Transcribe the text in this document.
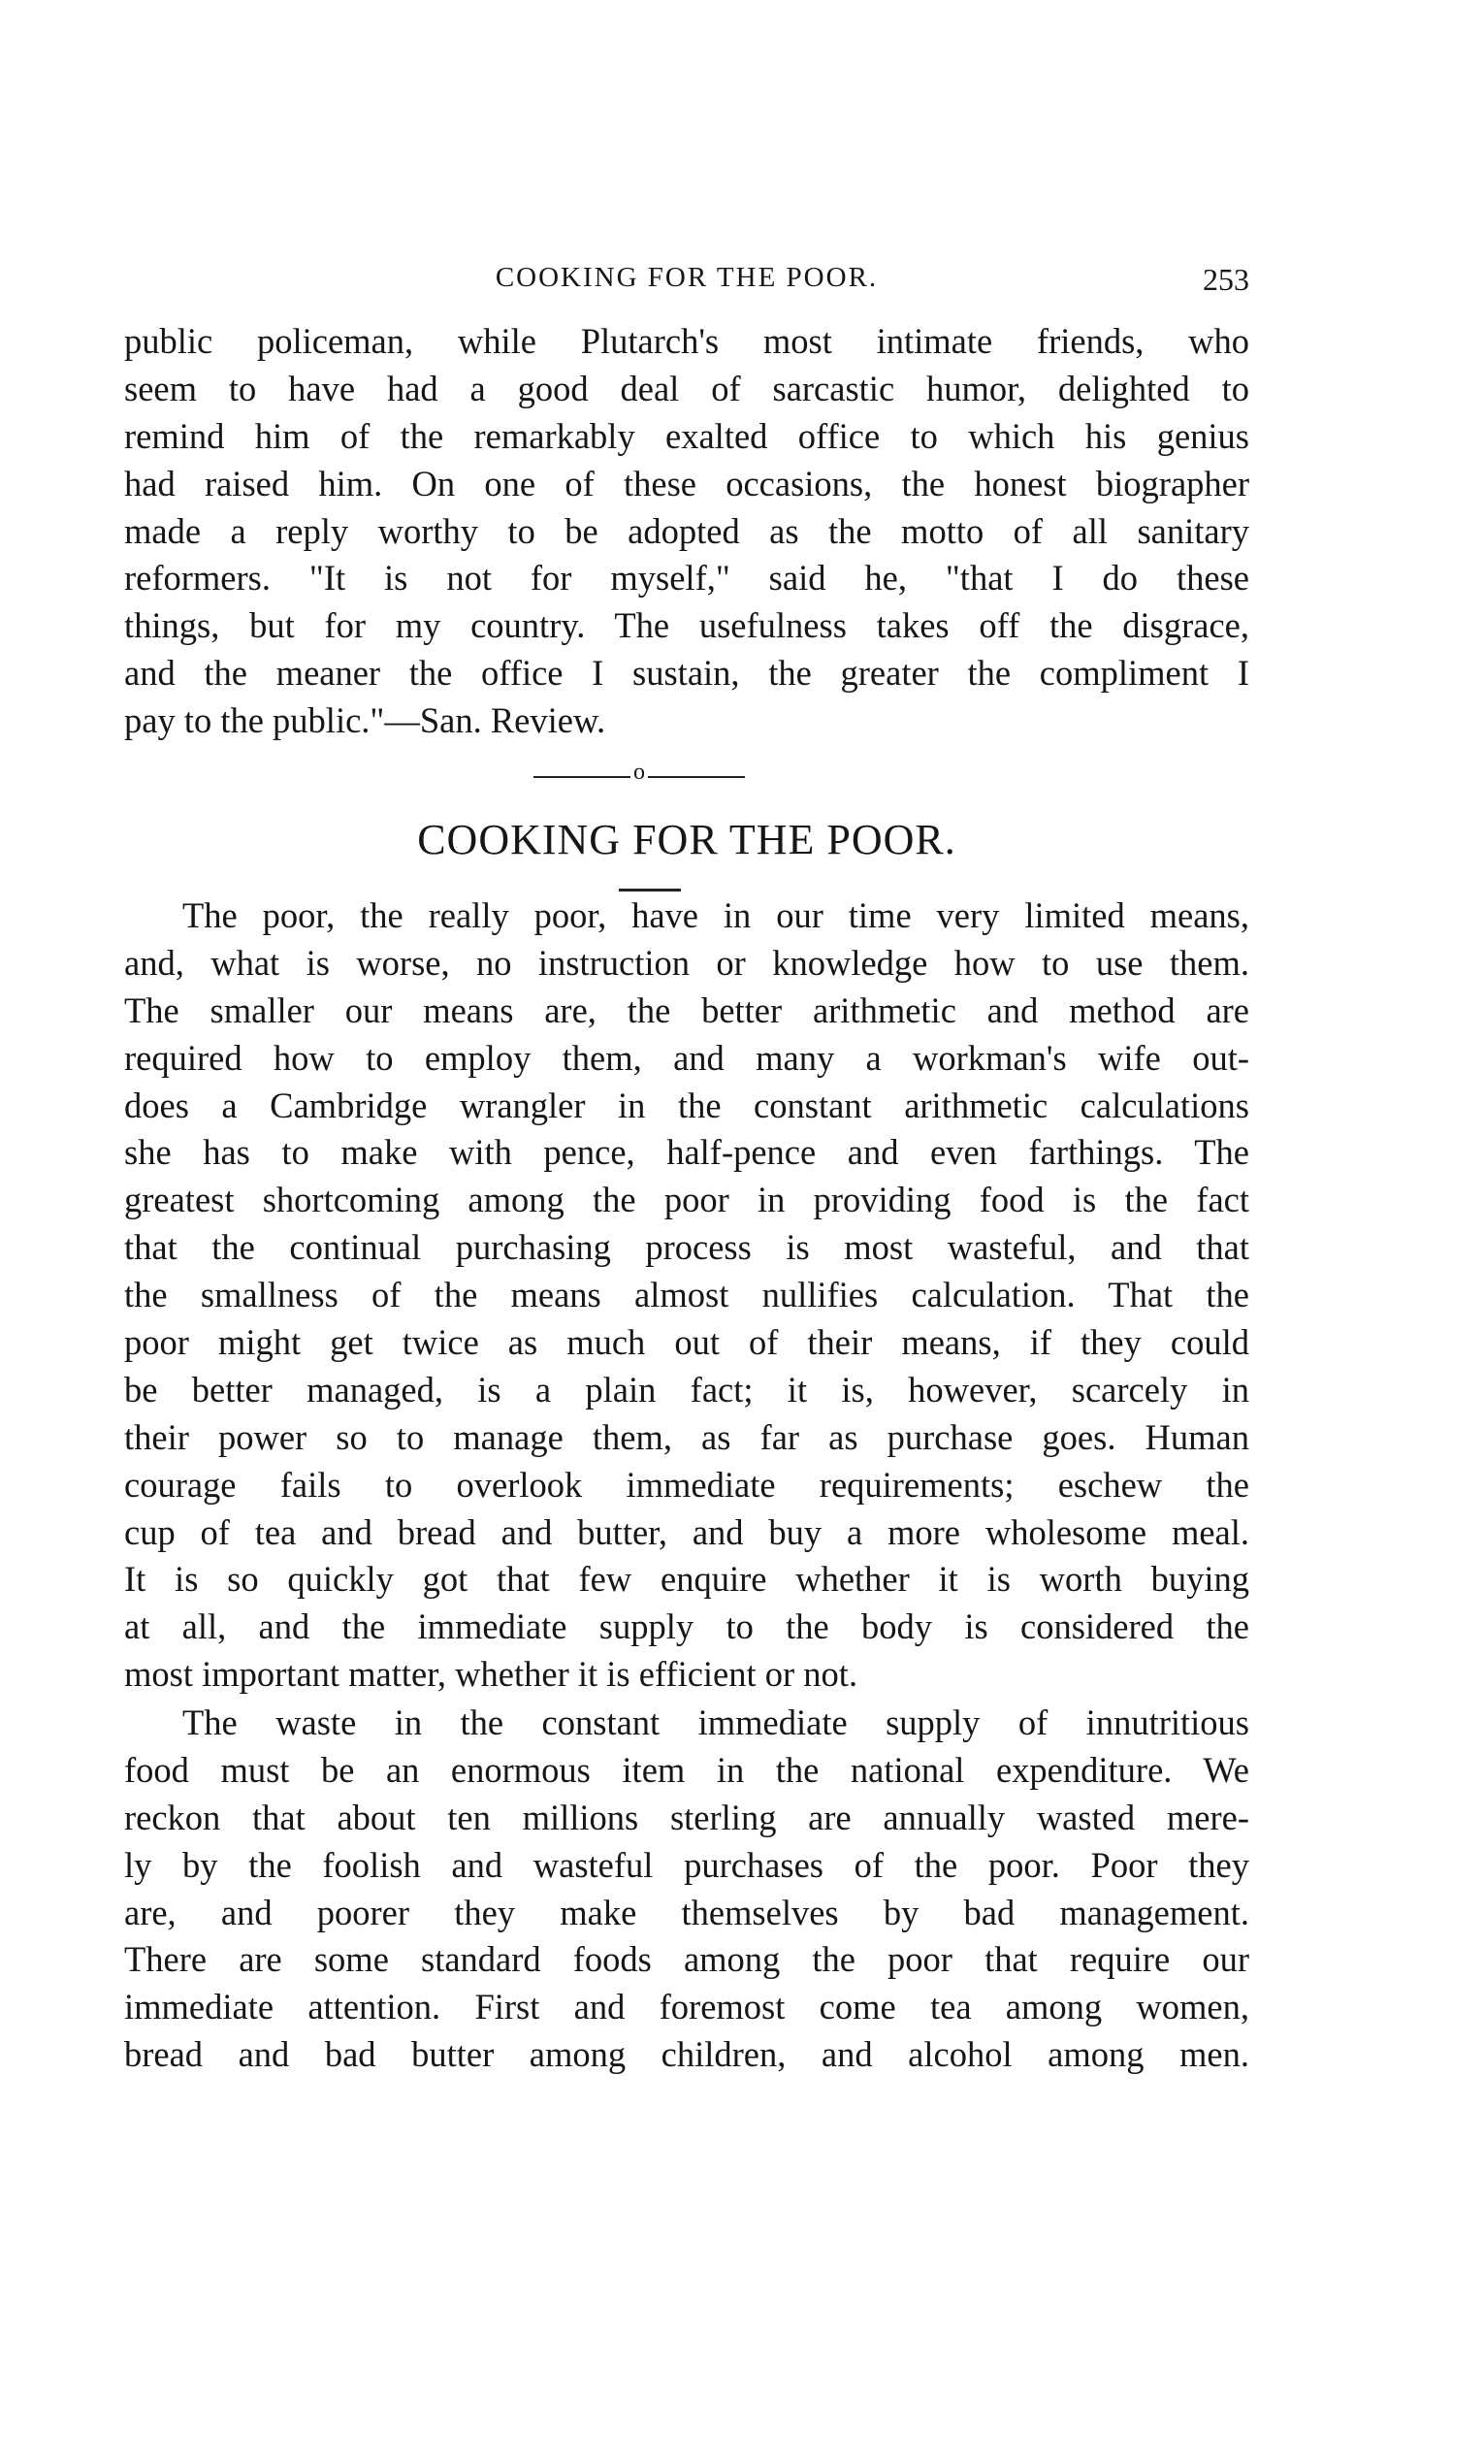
COOKING FOR THE POOR.	253
public policeman, while Plutarch's most intimate friends, who
seem to have had a good deal of sarcastic humor, delighted to
remind him of the remarkably exalted office to which his genius
had raised him. On one of these occasions, the honest biographer
made a reply worthy to be adopted as the motto of all sanitary
reformers. "It is not for myself," said he, "that I do these
things, but for my country. The usefulness takes off the disgrace,
and the meaner the office I sustain, the greater the compliment I
pay to the public."—San. Review.
o
COOKING FOR THE POOR.
The poor, the really poor, have in our time very limited means,
and, what is worse, no instruction or knowledge how to use them.
The smaller our means are, the better arithmetic and method are
required how to employ them, and many a workman's wife out-
does a Cambridge wrangler in the constant arithmetic calculations
she has to make with pence, half-pence and even farthings. The
greatest shortcoming among the poor in providing food is the fact
that the continual purchasing process is most wasteful, and that
the smallness of the means almost nullifies calculation. That the
poor might get twice as much out of their means, if they could
be better managed, is a plain fact; it is, however, scarcely in
their power so to manage them, as far as purchase goes. Human
courage fails to overlook immediate requirements; eschew the
cup of tea and bread and butter, and buy a more wholesome meal.
It is so quickly got that few enquire whether it is worth buying
at all, and the immediate supply to the body is considered the
most important matter, whether it is efficient or not.
The waste in the constant immediate supply of innutritious
food must be an enormous item in the national expenditure. We
reckon that about ten millions sterling are annually wasted mere-
ly by the foolish and wasteful purchases of the poor. Poor they
are, and poorer they make themselves by bad management.
There are some standard foods among the poor that require our
immediate attention. First and foremost come tea among women,
bread and bad butter among children, and alcohol among men.
